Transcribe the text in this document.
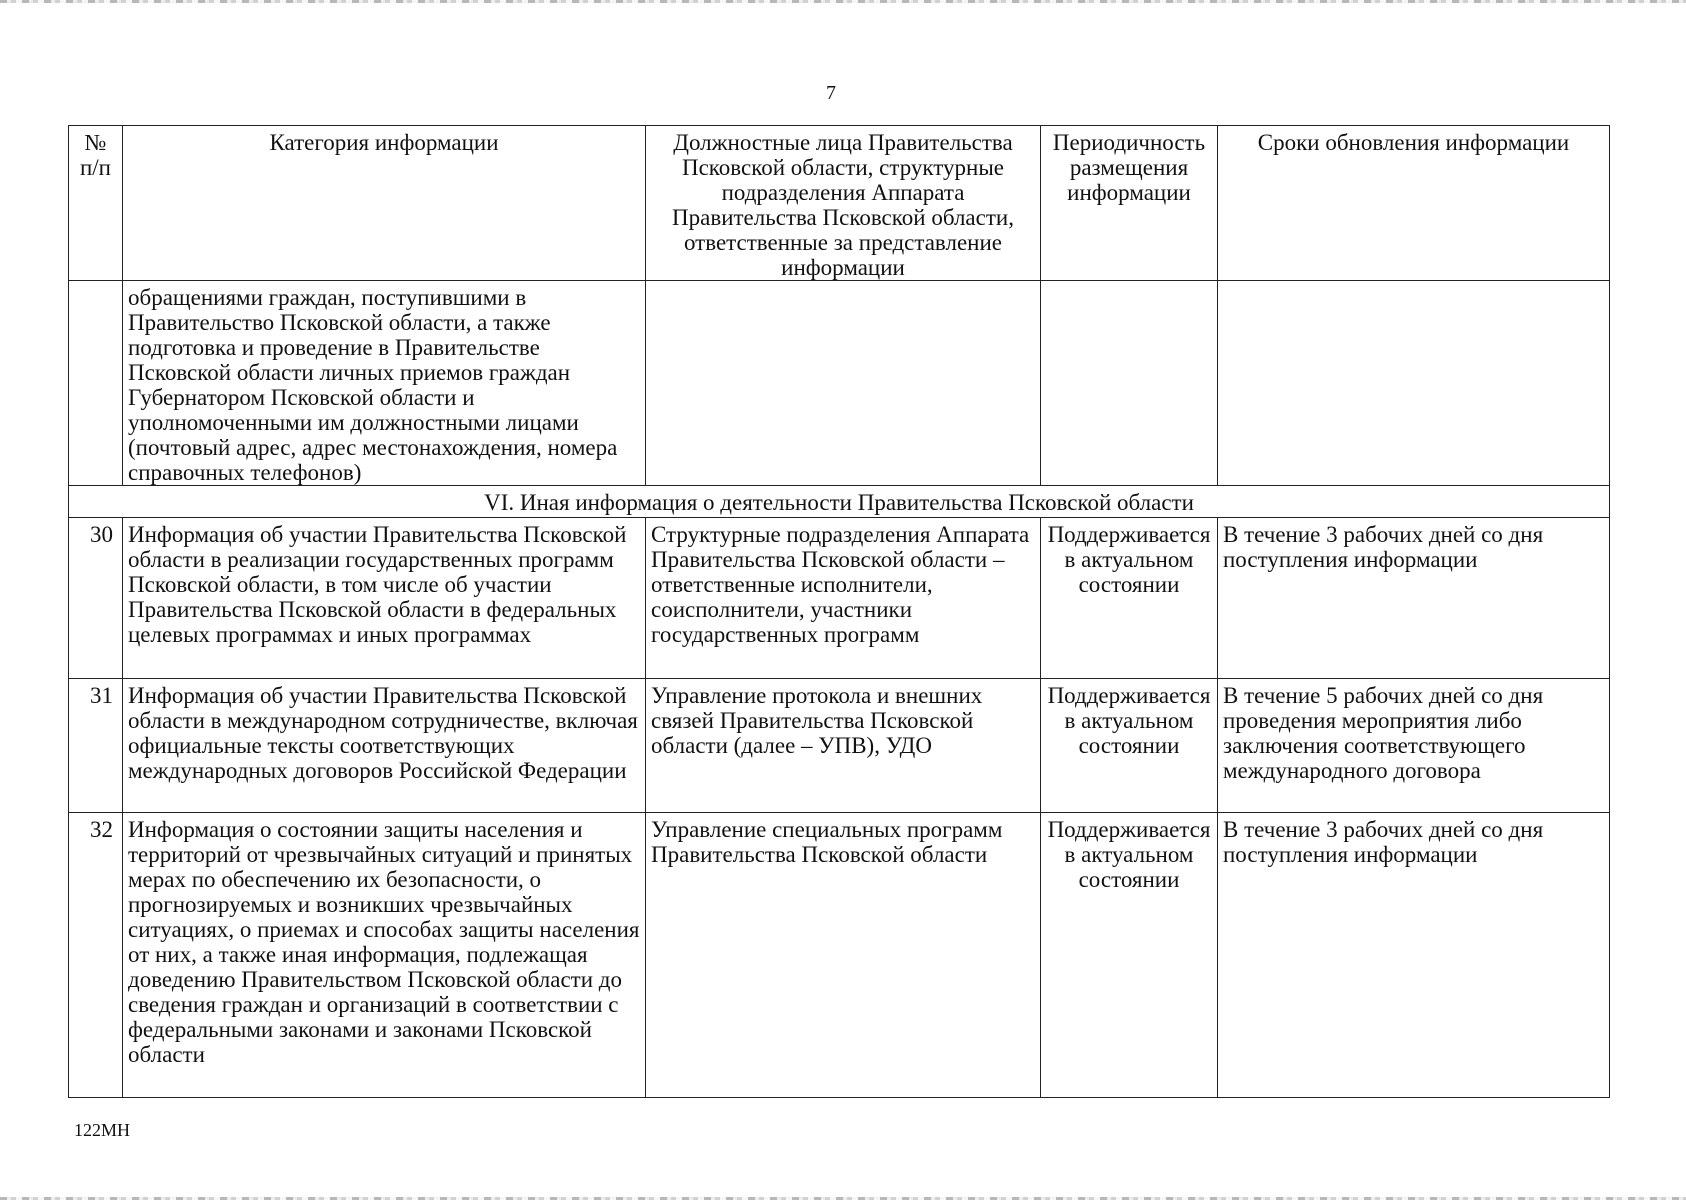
7
№ п/п	Категория информации	Должностные лица Правительства Псковской области, структурные подразделения Аппарата Правительства Псковской области, ответственные за представление информации	Периодичность размещения информации	Сроки обновления информации
	обращениями граждан, поступившими в Правительство Псковской области, а также подготовка и проведение в Правительстве Псковской области личных приемов граждан Губернатором Псковской области и уполномоченными им должностными лицами (почтовый адрес, адрес местонахождения, номера справочных телефонов)			
VI. Иная информация о деятельности Правительства Псковской области				
30	Информация об участии Правительства Псковской области в реализации государственных программ Псковской области, в том числе об участии Правительства Псковской области в федеральных целевых программах и иных программах	Структурные подразделения Аппарата Правительства Псковской области – ответственные исполнители, соисполнители, участники государственных программ	Поддерживается в актуальном состоянии	В течение 3 рабочих дней со дня поступления информации
31	Информация об участии Правительства Псковской области в международном сотрудничестве, включая официальные тексты соответствующих международных договоров Российской Федерации	Управление протокола и внешних связей Правительства Псковской области (далее – УПВ), УДО	Поддерживается в актуальном состоянии	В течение 5 рабочих дней со дня проведения мероприятия либо заключения соответствующего международного договора
32	Информация о состоянии защиты населения и территорий от чрезвычайных ситуаций и принятых мерах по обеспечению их безопасности, о прогнозируемых и возникших чрезвычайных ситуациях, о приемах и способах защиты населения от них, а также иная информация, подлежащая доведению Правительством Псковской области до сведения граждан и организаций в соответствии с федеральными законами и законами Псковской области	Управление специальных программ Правительства Псковской области	Поддерживается в актуальном состоянии	В течение 3 рабочих дней со дня поступления информации
122МН
